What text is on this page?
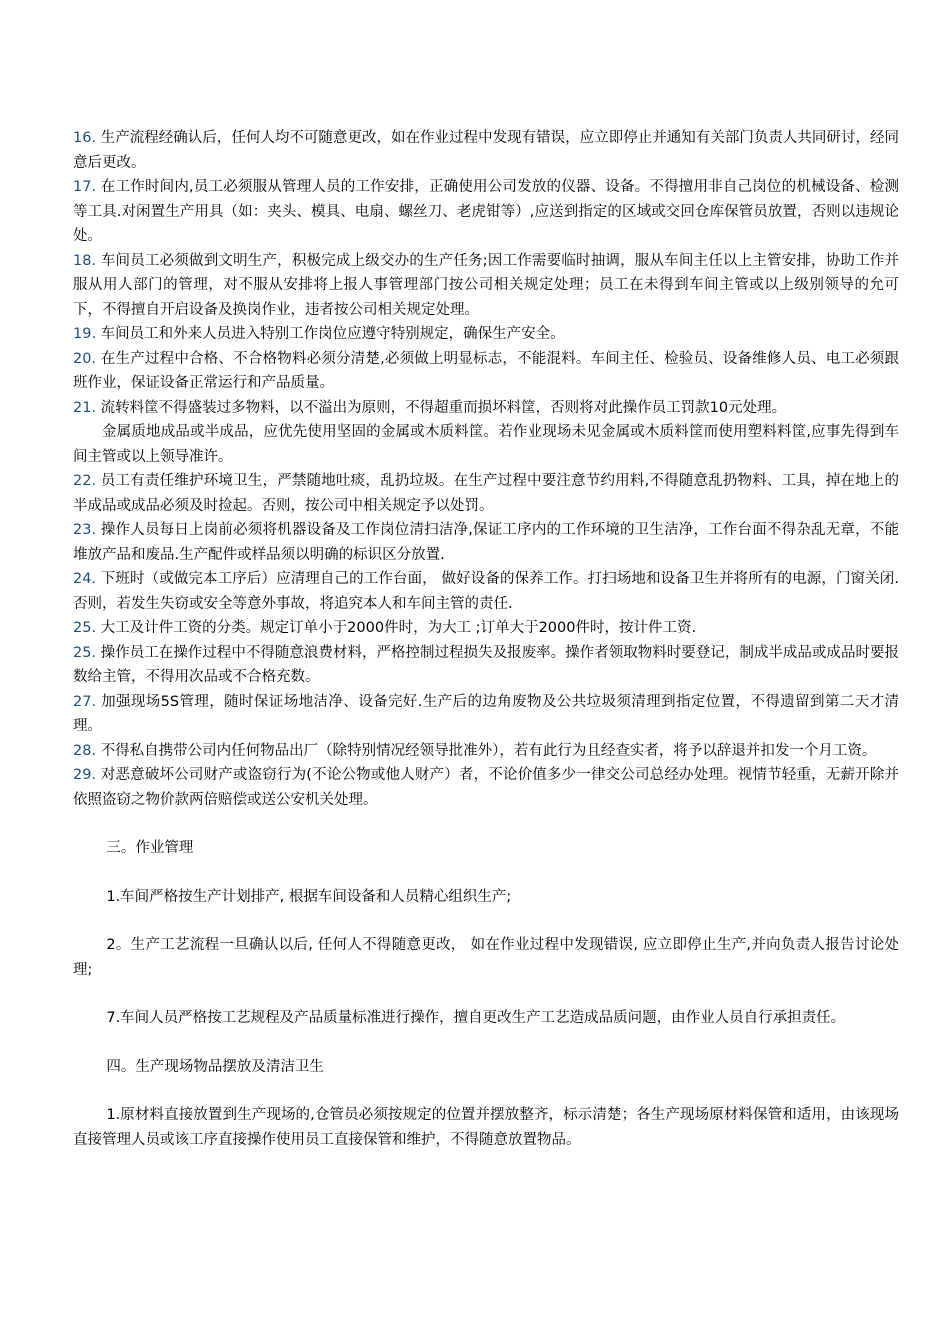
16. 生产流程经确认后，任何人均不可随意更改，如在作业过程中发现有错误，应立即停止并通知有关部门负责人共同研讨，经同意后更改。

17. 在工作时间内,员工必须服从管理人员的工作安排，正确使用公司发放的仪器、设备。不得擅用非自己岗位的机械设备、检测等工具.对闲置生产用具（如：夹头、模具、电扇、螺丝刀、老虎钳等）,应送到指定的区域或交回仓库保管员放置，否则以违规论处。

18. 车间员工必须做到文明生产，积极完成上级交办的生产任务;因工作需要临时抽调，服从车间主任以上主管安排，协助工作并服从用人部门的管理，对不服从安排将上报人事管理部门按公司相关规定处理；员工在未得到车间主管或以上级别领导的允可下，不得擅自开启设备及换岗作业，违者按公司相关规定处理。

19. 车间员工和外来人员进入特别工作岗位应遵守特别规定，确保生产安全。

20. 在生产过程中合格、不合格物料必须分清楚,必须做上明显标志，不能混料。车间主任、检验员、设备维修人员、电工必须跟班作业，保证设备正常运行和产品质量。

21. 流转料筐不得盛装过多物料，以不溢出为原则，不得超重而损坏料筐，否则将对此操作员工罚款10元处理。

金属质地成品或半成品，应优先使用坚固的金属或木质料筐。若作业现场未见金属或木质料筐而使用塑料料筐,应事先得到车间主管或以上领导准许。

22. 员工有责任维护环境卫生，严禁随地吐痰，乱扔垃圾。在生产过程中要注意节约用料,不得随意乱扔物料、工具，掉在地上的半成品或成品必须及时捡起。否则，按公司中相关规定予以处罚。

23. 操作人员每日上岗前必须将机器设备及工作岗位清扫洁净,保证工序内的工作环境的卫生洁净，工作台面不得杂乱无章，不能堆放产品和废品.生产配件或样品须以明确的标识区分放置.

24. 下班时（或做完本工序后）应清理自己的工作台面， 做好设备的保养工作。打扫场地和设备卫生并将所有的电源，门窗关闭.否则，若发生失窃或安全等意外事故，将追究本人和车间主管的责任.

25. 大工及计件工资的分类。规定订单小于2000件时，为大工 ;订单大于2000件时，按计件工资.

25. 操作员工在操作过程中不得随意浪费材料，严格控制过程损失及报废率。操作者领取物料时要登记，制成半成品或成品时要报数给主管，不得用次品或不合格充数。

27. 加强现场5S管理，随时保证场地洁净、设备完好.生产后的边角废物及公共垃圾须清理到指定位置，不得遗留到第二天才清理。

28. 不得私自携带公司内任何物品出厂（除特别情况经领导批准外），若有此行为且经查实者，将予以辞退并扣发一个月工资。

29. 对恶意破坏公司财产或盗窃行为(不论公物或他人财产）者，不论价值多少一律交公司总经办处理。视情节轻重，无薪开除并依照盗窃之物价款两倍赔偿或送公安机关处理。

三。作业管理

1.车间严格按生产计划排产, 根据车间设备和人员精心组织生产;

2。生产工艺流程一旦确认以后, 任何人不得随意更改， 如在作业过程中发现错误, 应立即停止生产,并向负责人报告讨论处理;

7.车间人员严格按工艺规程及产品质量标准进行操作，擅自更改生产工艺造成品质问题，由作业人员自行承担责任。

四。生产现场物品摆放及清洁卫生

1.原材料直接放置到生产现场的,仓管员必须按规定的位置并摆放整齐，标示清楚；各生产现场原材料保管和适用，由该现场直接管理人员或该工序直接操作使用员工直接保管和维护，不得随意放置物品。
